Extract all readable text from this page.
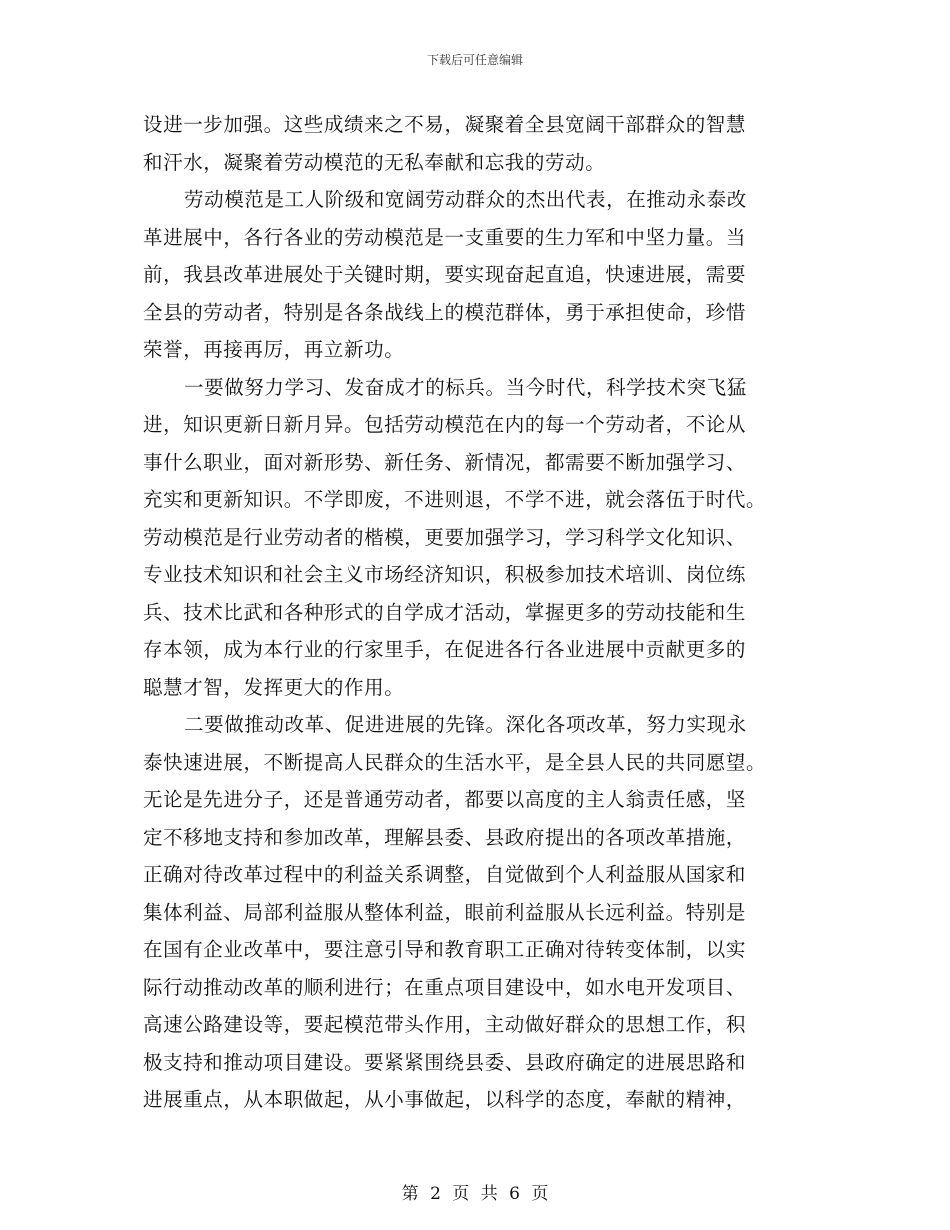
下载后可任意编辑
设进一步加强。这些成绩来之不易，凝聚着全县宽阔干部群众的智慧
和汗水，凝聚着劳动模范的无私奉献和忘我的劳动。
劳动模范是工人阶级和宽阔劳动群众的杰出代表，在推动永泰改
革进展中，各行各业的劳动模范是一支重要的生力军和中坚力量。当
前，我县改革进展处于关键时期，要实现奋起直追，快速进展，需要
全县的劳动者，特别是各条战线上的模范群体，勇于承担使命，珍惜
荣誉，再接再厉，再立新功。
一要做努力学习、发奋成才的标兵。当今时代，科学技术突飞猛
进，知识更新日新月异。包括劳动模范在内的每一个劳动者，不论从
事什么职业，面对新形势、新任务、新情况，都需要不断加强学习、
充实和更新知识。不学即废，不进则退，不学不进，就会落伍于时代。
劳动模范是行业劳动者的楷模，更要加强学习，学习科学文化知识、
专业技术知识和社会主义市场经济知识，积极参加技术培训、岗位练
兵、技术比武和各种形式的自学成才活动，掌握更多的劳动技能和生
存本领，成为本行业的行家里手，在促进各行各业进展中贡献更多的
聪慧才智，发挥更大的作用。
二要做推动改革、促进进展的先锋。深化各项改革，努力实现永
泰快速进展，不断提高人民群众的生活水平，是全县人民的共同愿望。
无论是先进分子，还是普通劳动者，都要以高度的主人翁责任感，坚
定不移地支持和参加改革，理解县委、县政府提出的各项改革措施，
正确对待改革过程中的利益关系调整，自觉做到个人利益服从国家和
集体利益、局部利益服从整体利益，眼前利益服从长远利益。特别是
在国有企业改革中，要注意引导和教育职工正确对待转变体制，以实
际行动推动改革的顺利进行；在重点项目建设中，如水电开发项目、
高速公路建设等，要起模范带头作用，主动做好群众的思想工作，积
极支持和推动项目建设。要紧紧围绕县委、县政府确定的进展思路和
进展重点，从本职做起，从小事做起，以科学的态度，奉献的精神，
第 2 页 共 6 页
